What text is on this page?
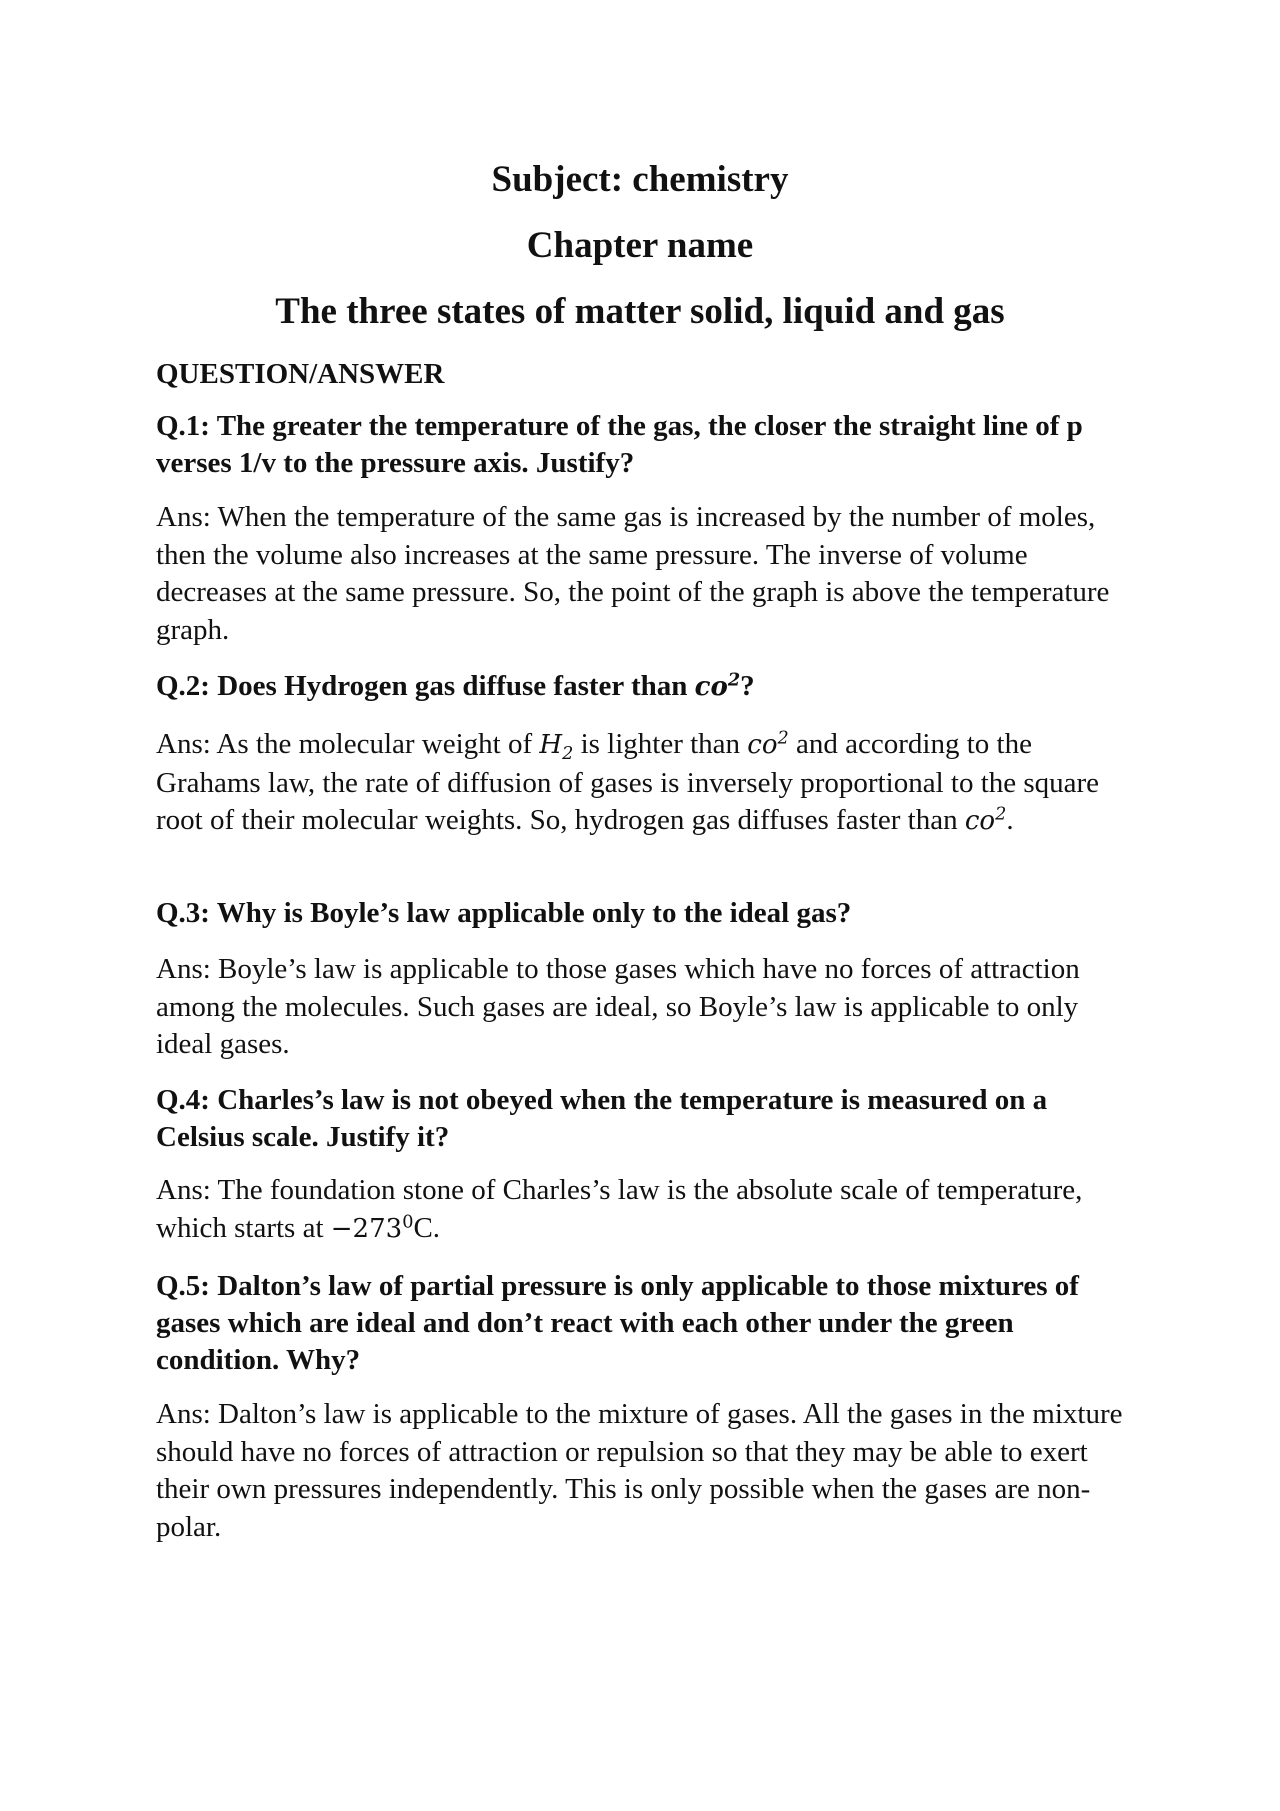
Subject: chemistry
Chapter name
The three states of matter solid, liquid and gas
QUESTION/ANSWER
Q.1: The greater the temperature of the gas, the closer the straight line of p verses 1/v to the pressure axis. Justify?
Ans: When the temperature of the same gas is increased by the number of moles, then the volume also increases at the same pressure. The inverse of volume decreases at the same pressure. So, the point of the graph is above the temperature graph.
Q.2: Does Hydrogen gas diffuse faster than $co^2$?
Ans: As the molecular weight of $H_2$ is lighter than $co^2$ and according to the Grahams law, the rate of diffusion of gases is inversely proportional to the square root of their molecular weights. So, hydrogen gas diffuses faster than $co^2$.
Q.3: Why is Boyle’s law applicable only to the ideal gas?
Ans: Boyle’s law is applicable to those gases which have no forces of attraction among the molecules. Such gases are ideal, so Boyle’s law is applicable to only ideal gases.
Q.4: Charles’s law is not obeyed when the temperature is measured on a Celsius scale. Justify it?
Ans: The foundation stone of Charles’s law is the absolute scale of temperature, which starts at $-273^0C$.
Q.5: Dalton’s law of partial pressure is only applicable to those mixtures of gases which are ideal and don’t react with each other under the green condition. Why?
Ans: Dalton’s law is applicable to the mixture of gases. All the gases in the mixture should have no forces of attraction or repulsion so that they may be able to exert their own pressures independently. This is only possible when the gases are non-polar.
